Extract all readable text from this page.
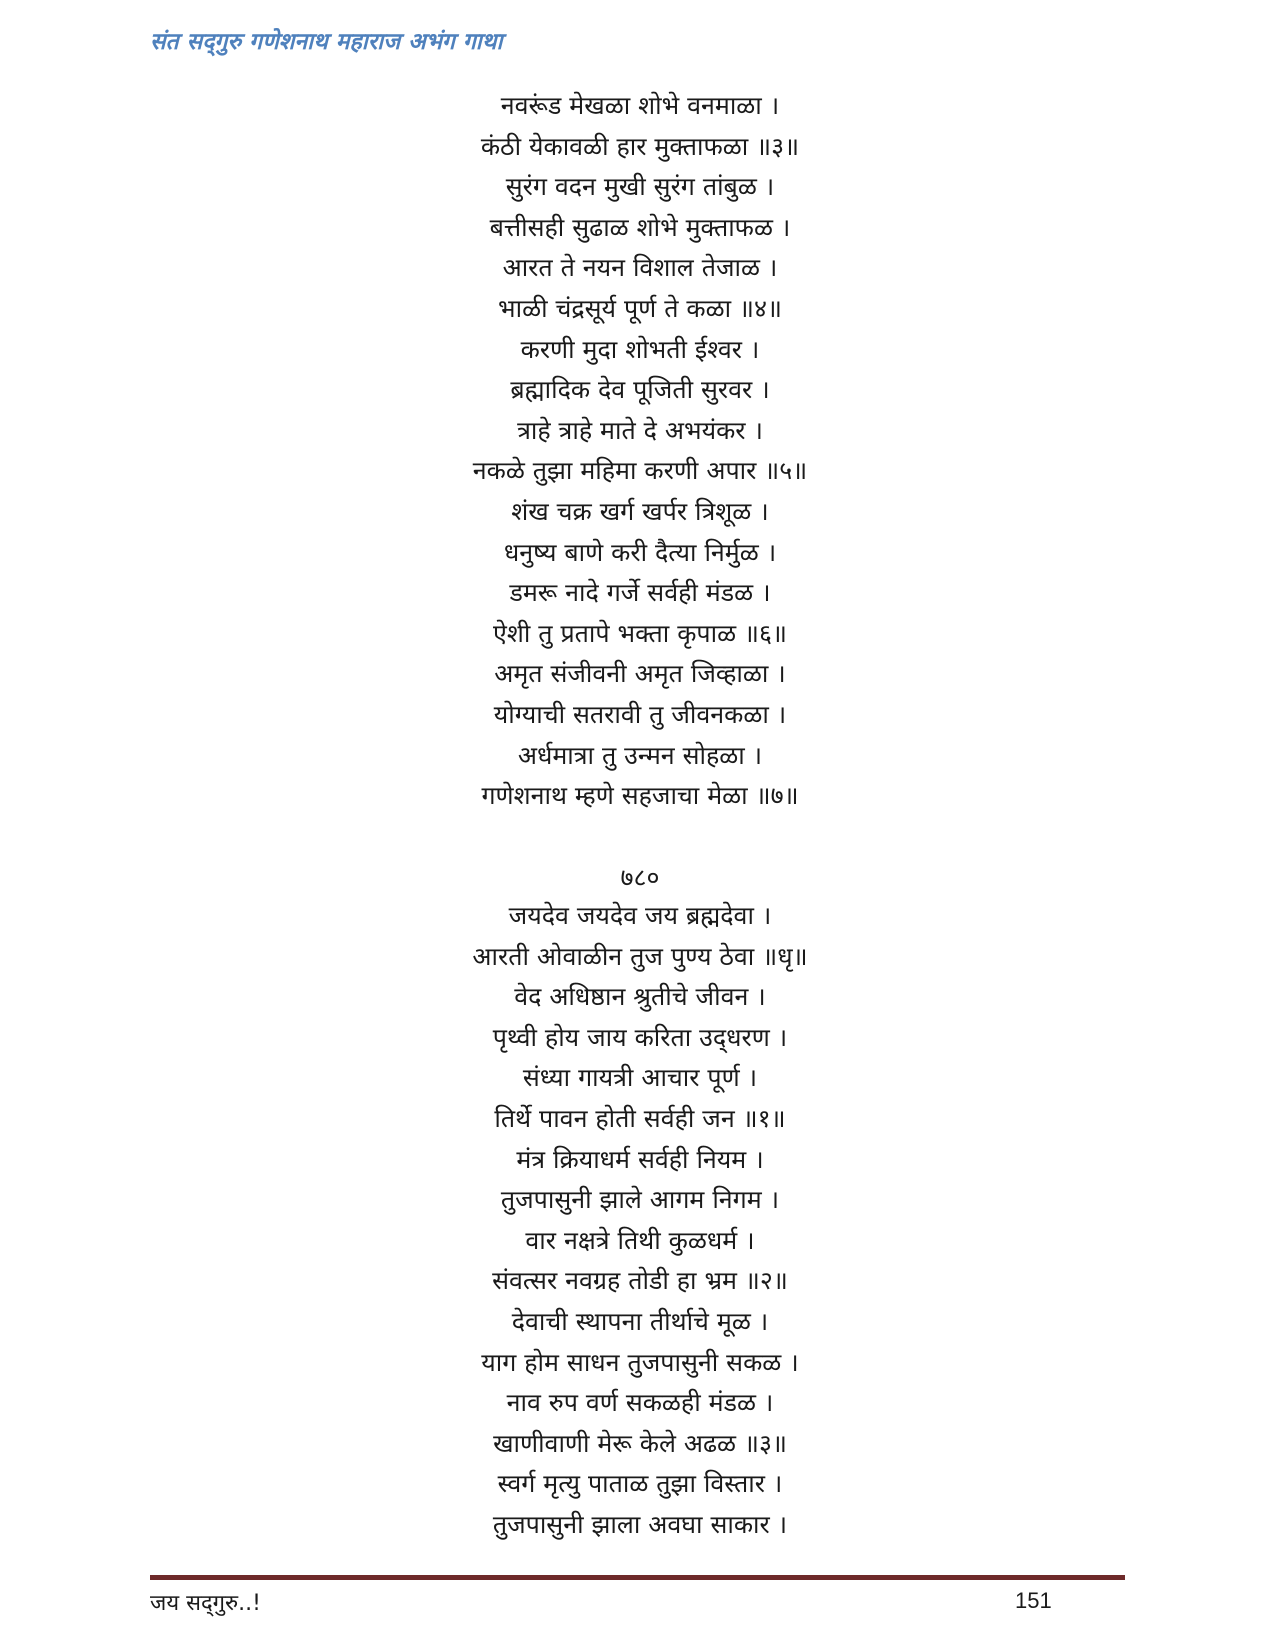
संत सद्‌गुरु गणेशनाथ महाराज अभंग गाथा
नवरूंड मेखळा शोभे वनमाळा ।
कंठी येकावळी हार मुक्ताफळा ॥३॥
सुरंग वदन मुखी सुरंग तांबुळ ।
बत्तीसही सुढाळ शोभे मुक्ताफळ ।
आरत ते नयन विशाल तेजाळ ।
भाळी चंद्रसूर्य पूर्ण ते कळा ॥४॥
करणी मुदा शोभती ईश्वर ।
ब्रह्मादिक देव पूजिती सुरवर ।
त्राहे त्राहे माते दे अभयंकर ।
नकळे तुझा महिमा करणी अपार ॥५॥
शंख चक्र खर्ग खर्पर त्रिशूळ ।
धनुष्य बाणे करी दैत्या निर्मुळ ।
डमरू नादे गर्जे सर्वही मंडळ ।
ऐशी तु प्रतापे भक्ता कृपाळ ॥६॥
अमृत संजीवनी अमृत जिव्हाळा ।
योग्याची सतरावी तु जीवनकळा ।
अर्धमात्रा तु उन्मन सोहळा ।
गणेशनाथ म्हणे सहजाचा मेळा ॥७॥
७८०
जयदेव जयदेव जय ब्रह्मदेवा ।
आरती ओवाळीन तुज पुण्य ठेवा ॥धृ॥
वेद अधिष्ठान श्रुतीचे जीवन ।
पृथ्वी होय जाय करिता उद्‌धरण ।
संध्या गायत्री आचार पूर्ण ।
तिर्थे पावन होती सर्वही जन ॥१॥
मंत्र क्रियाधर्म सर्वही नियम ।
तुजपासुनी झाले आगम निगम ।
वार नक्षत्रे तिथी कुळधर्म ।
संवत्सर नवग्रह तोडी हा भ्रम ॥२॥
देवाची स्थापना तीर्थाचे मूळ ।
याग होम साधन तुजपासुनी सकळ ।
नाव रुप वर्ण सकळही मंडळ ।
खाणीवाणी मेरू केले अढळ ॥३॥
स्वर्ग मृत्यु पाताळ तुझा विस्तार ।
तुजपासुनी झाला अवघा साकार ।
जय सद्‌गुरु..!	151
